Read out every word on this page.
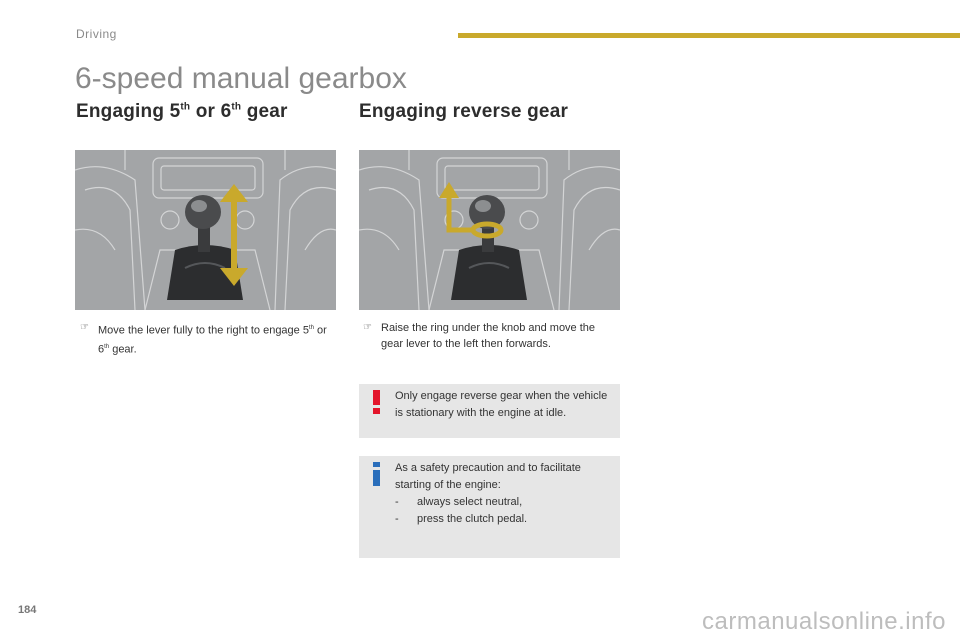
Driving
6-speed manual gearbox
Engaging 5th or 6th gear	Engaging reverse gear
☞ Move the lever fully to the right to engage 5th or 6th gear.
☞ Raise the ring under the knob and move the gear lever to the left then forwards.
Only engage reverse gear when the vehicle is stationary with the engine at idle.
As a safety precaution and to facilitate starting of the engine:
- always select neutral,
- press the clutch pedal.
184	carmanualsonline.info
